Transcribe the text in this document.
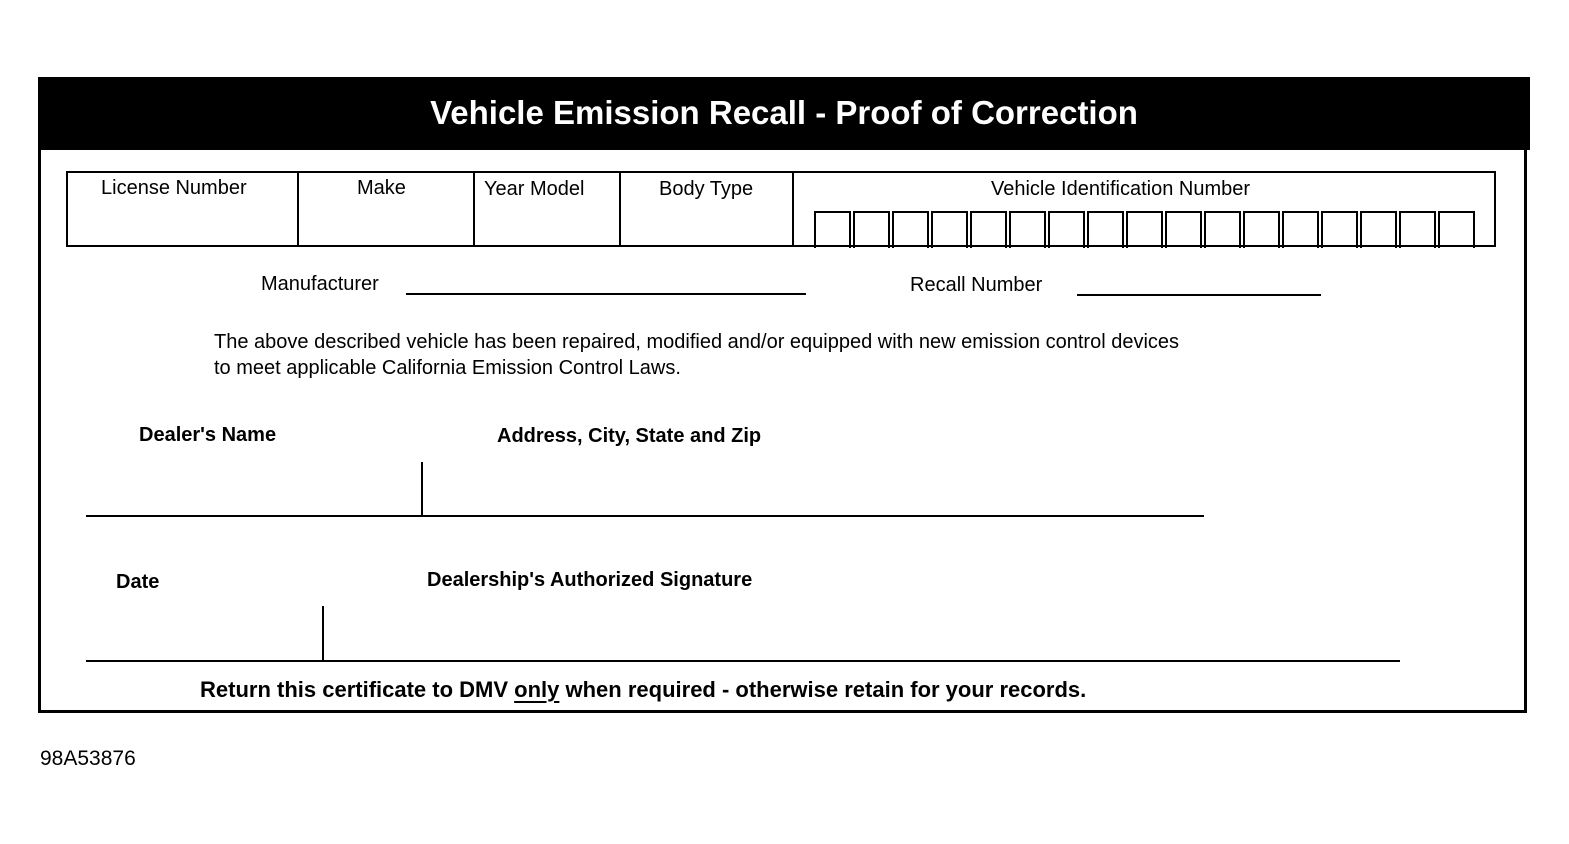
Vehicle Emission Recall - Proof of Correction
License Number	Make	Year Model	Body Type	Vehicle Identification Number
Manufacturer	Recall Number
The above described vehicle has been repaired, modified and/or equipped with new emission control devices
to meet applicable California Emission Control Laws.
Dealer's Name	Address, City, State and Zip
Date	Dealership's Authorized Signature
Return this certificate to DMV only when required - otherwise retain for your records.
98A53876
